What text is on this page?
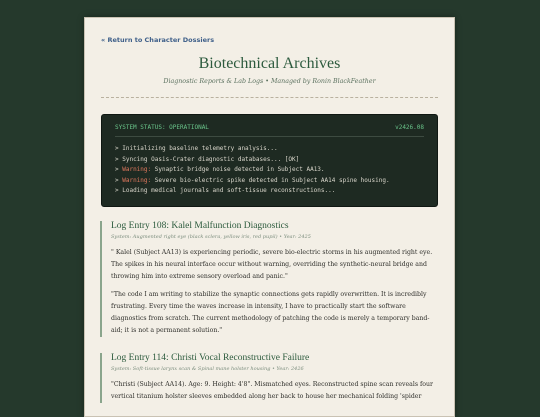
« Return to Character Dossiers
Biotechnical Archives
Diagnostic Reports & Lab Logs • Managed by Ronin BlackFeather
SYSTEM STATUS: OPERATIONAL	v2426.08
> Initializing baseline telemetry analysis...
> Syncing Oasis-Crater diagnostic databases... [OK]
> Warning: Synaptic bridge noise detected in Subject AA13.
> Warning: Severe bio-electric spike detected in Subject AA14 spine housing.
> Loading medical journals and soft-tissue reconstructions...
Log Entry 108: Kalel Malfunction Diagnostics
System: Augmented right eye (black sclera, yellow iris, red pupil) • Year: 2425
" Kalel (Subject AA13) is experiencing periodic, severe bio-electric storms in his augmented right eye. The spikes in his neural interface occur without warning, overriding the synthetic-neural bridge and throwing him into extreme sensory overload and panic."
"The code I am writing to stabilize the synaptic connections gets rapidly overwritten. It is incredibly frustrating. Every time the waves increase in intensity, I have to practically start the software diagnostics from scratch. The current methodology of patching the code is merely a temporary band-aid; it is not a permanent solution."
Log Entry 114: Christi Vocal Reconstructive Failure
System: Soft-tissue larynx scan & Spinal mane holster housing • Year: 2426
"Christi (Subject AA14). Age: 9. Height: 4'8". Mismatched eyes. Reconstructed spine scan reveals four vertical titanium holster sleeves embedded along her back to house her mechanical folding 'spider
